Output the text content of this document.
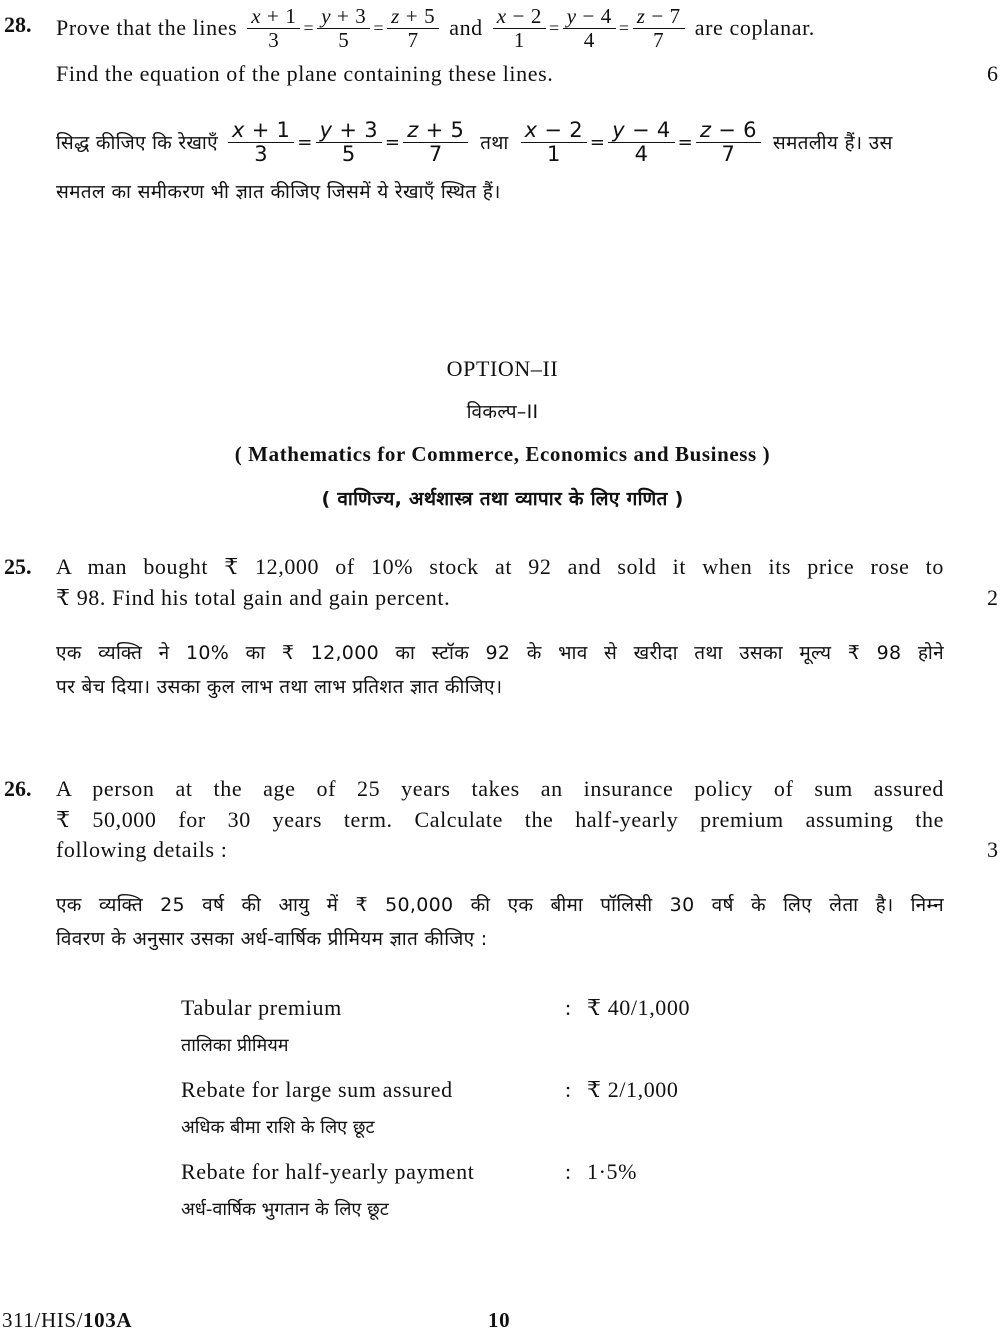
28. Prove that the lines $\frac{x + 1}{3} = \frac{y + 3}{5} = \frac{z + 5}{7}$ and $\frac{x - 2}{1} = \frac{y - 4}{4} = \frac{z - 7}{7}$ are coplanar.
Find the equation of the plane containing these lines.	6
सिद्ध कीजिए कि रेखाएँ $\frac{x + 1}{3} = \frac{y + 3}{5} = \frac{z + 5}{7}$ तथा $\frac{x - 2}{1} = \frac{y - 4}{4} = \frac{z - 6}{7}$ समतलीय हैं। उस
समतल का समीकरण भी ज्ञात कीजिए जिसमें ये रेखाएँ स्थित हैं।
OPTION–II
विकल्प–II
( Mathematics for Commerce, Economics and Business )
( वाणिज्य, अर्थशास्त्र तथा व्यापार के लिए गणित )
25. A man bought ₹ 12,000 of 10% stock at 92 and sold it when its price rose to
₹ 98. Find his total gain and gain percent.	2
एक व्यक्ति ने 10% का ₹ 12,000 का स्टॉक 92 के भाव से खरीदा तथा उसका मूल्य ₹ 98 होने
पर बेच दिया। उसका कुल लाभ तथा लाभ प्रतिशत ज्ञात कीजिए।
26. A person at the age of 25 years takes an insurance policy of sum assured
₹ 50,000 for 30 years term. Calculate the half-yearly premium assuming the
following details :	3
एक व्यक्ति 25 वर्ष की आयु में ₹ 50,000 की एक बीमा पॉलिसी 30 वर्ष के लिए लेता है। निम्न
विवरण के अनुसार उसका अर्ध-वार्षिक प्रीमियम ज्ञात कीजिए :
Tabular premium
तालिका प्रीमियम
: ₹ 40/1,000
Rebate for large sum assured
अधिक बीमा राशि के लिए छूट
: ₹ 2/1,000
Rebate for half-yearly payment
अर्ध-वार्षिक भुगतान के लिए छूट
: 1·5%
311/HIS/103A	10
